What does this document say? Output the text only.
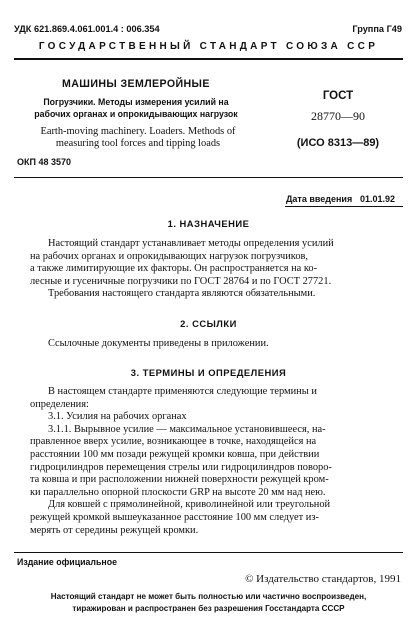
УДК 621.869.4.061.001.4 : 006.354	Группа Г49
ГОСУДАРСТВЕННЫЙ СТАНДАРТ СОЮЗА ССР
МАШИНЫ ЗЕМЛЕРОЙНЫЕ
Погрузчики. Методы измерения усилий на
рабочих органах и опрокидывающих нагрузок
Earth-moving machinery. Loaders. Methods of
measuring tool forces and tipping loads
ОКП 48 3570
ГОСТ
28770—90
(ИСО 8313—89)
Дата введения 01.01.92
1. НАЗНАЧЕНИЕ
Настоящий стандарт устанавливает методы определения усилий
на рабочих органах и опрокидывающих нагрузок погрузчиков,
а также лимитирующие их факторы. Он распространяется на ко-
лесные и гусеничные погрузчики по ГОСТ 28764 и по ГОСТ 27721.
Требования настоящего стандарта являются обязательными.
2. ССЫЛКИ
Ссылочные документы приведены в приложении.
3. ТЕРМИНЫ И ОПРЕДЕЛЕНИЯ
В настоящем стандарте применяются следующие термины и
определения:
3.1. Усилия на рабочих органах
3.1.1. Вырывное усилие — максимальное установившееся, на-
правленное вверх усилие, возникающее в точке, находящейся на
расстоянии 100 мм позади режущей кромки ковша, при действии
гидроцилиндров перемещения стрелы или гидроцилиндров поворо-
та ковша и при расположении нижней поверхности режущей кром-
ки параллельно опорной плоскости GRP на высоте 20 мм над нею.
Для ковшей с прямолинейной, криволинейной или треугольной
режущей кромкой вышеуказанное расстояние 100 мм следует из-
мерять от середины режущей кромки.
Издание официальное
© Издательство стандартов, 1991
Настоящий стандарт не может быть полностью или частично воспроизведен,
тиражирован и распространен без разрешения Госстандарта СССР
